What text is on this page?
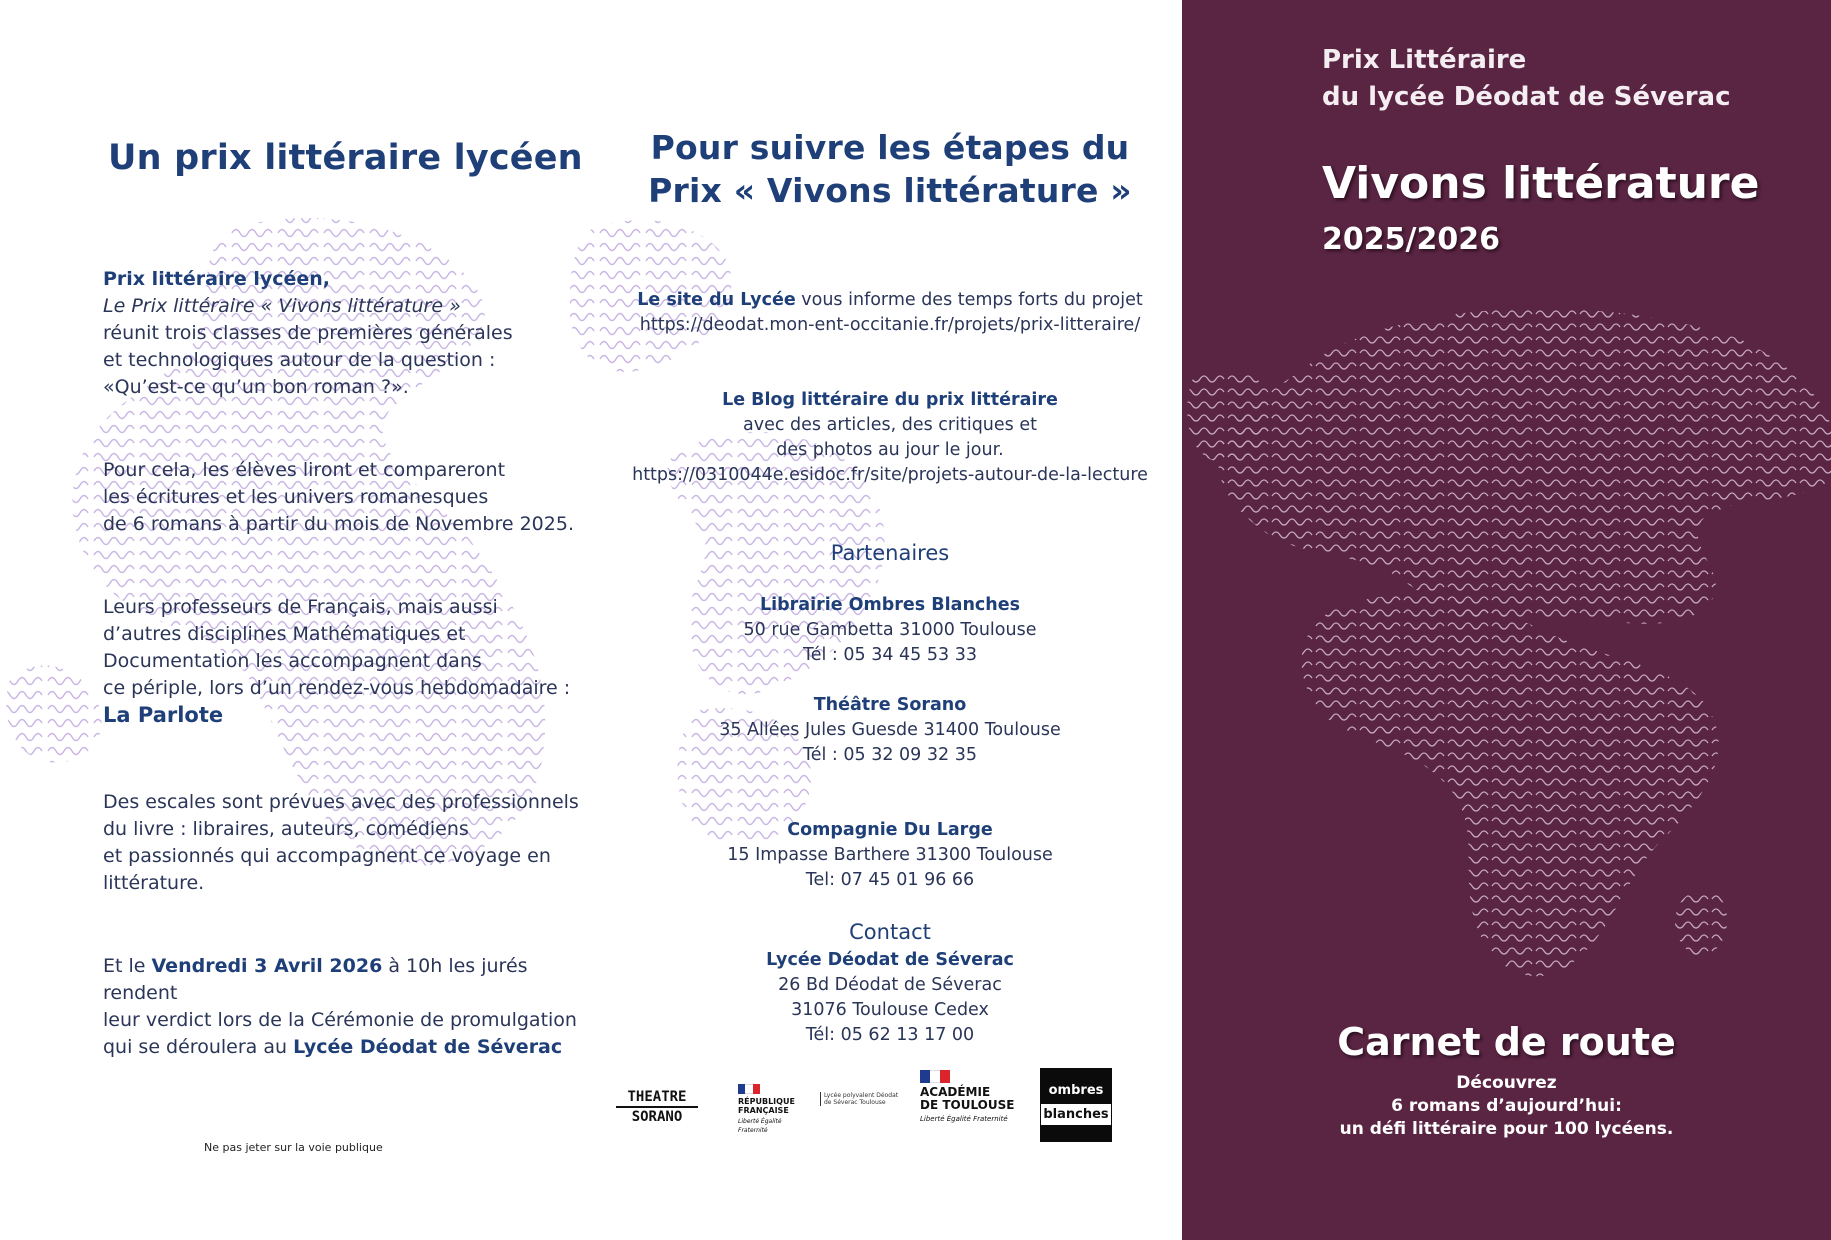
Un prix littéraire lycéen
Prix littéraire lycéen,
Le Prix littéraire « Vivons littérature »
réunit trois classes de premières générales
et technologiques autour de la question :
«Qu’est-ce qu’un bon roman ?».
Pour cela, les élèves liront et compareront
les écritures et les univers romanesques
de 6 romans à partir du mois de Novembre 2025.
Leurs professeurs de Français, mais aussi
d’autres disciplines Mathématiques et
Documentation les accompagnent dans
ce périple, lors d’un rendez-vous hebdomadaire :
La Parlote
Des escales sont prévues avec des professionnels
du livre : libraires, auteurs, comédiens
et passionnés qui accompagnent ce voyage en
littérature.
Et le Vendredi 3 Avril 2026 à 10h les jurés rendent
leur verdict lors de la Cérémonie de promulgation
qui se déroulera au Lycée Déodat de Séverac
Ne pas jeter sur la voie publique
Pour suivre les étapes du
Prix « Vivons littérature »
Le site du Lycée vous informe des temps forts du projet
https://deodat.mon-ent-occitanie.fr/projets/prix-litteraire/
Le Blog littéraire du prix littéraire
avec des articles, des critiques et
des photos au jour le jour.
https://0310044e.esidoc.fr/site/projets-autour-de-la-lecture
Partenaires
Librairie Ombres Blanches
50 rue Gambetta 31000 Toulouse
Tél : 05 34 45 53 33
Théâtre Sorano
35 Allées Jules Guesde 31400 Toulouse
Tél : 05 32 09 32 35
Compagnie Du Large
15 Impasse Barthere 31300 Toulouse
Tel: 07 45 01 96 66
Contact
Lycée Déodat de Séverac
26 Bd Déodat de Séverac
31076 Toulouse Cedex
Tél: 05 62 13 17 00
THEATRE
SORANO
RÉPUBLIQUE
FRANÇAISE
Liberté Égalité Fraternité
Lycée polyvalent Déodat de Séverac Toulouse
ACADÉMIE
DE TOULOUSE
Liberté Égalité Fraternité
ombres
blanches
Prix Littéraire
du lycée Déodat de Séverac
Vivons littérature
2025/2026
Carnet de route
Découvrez
6 romans d’aujourd’hui:
un défi littéraire pour 100 lycéens.
